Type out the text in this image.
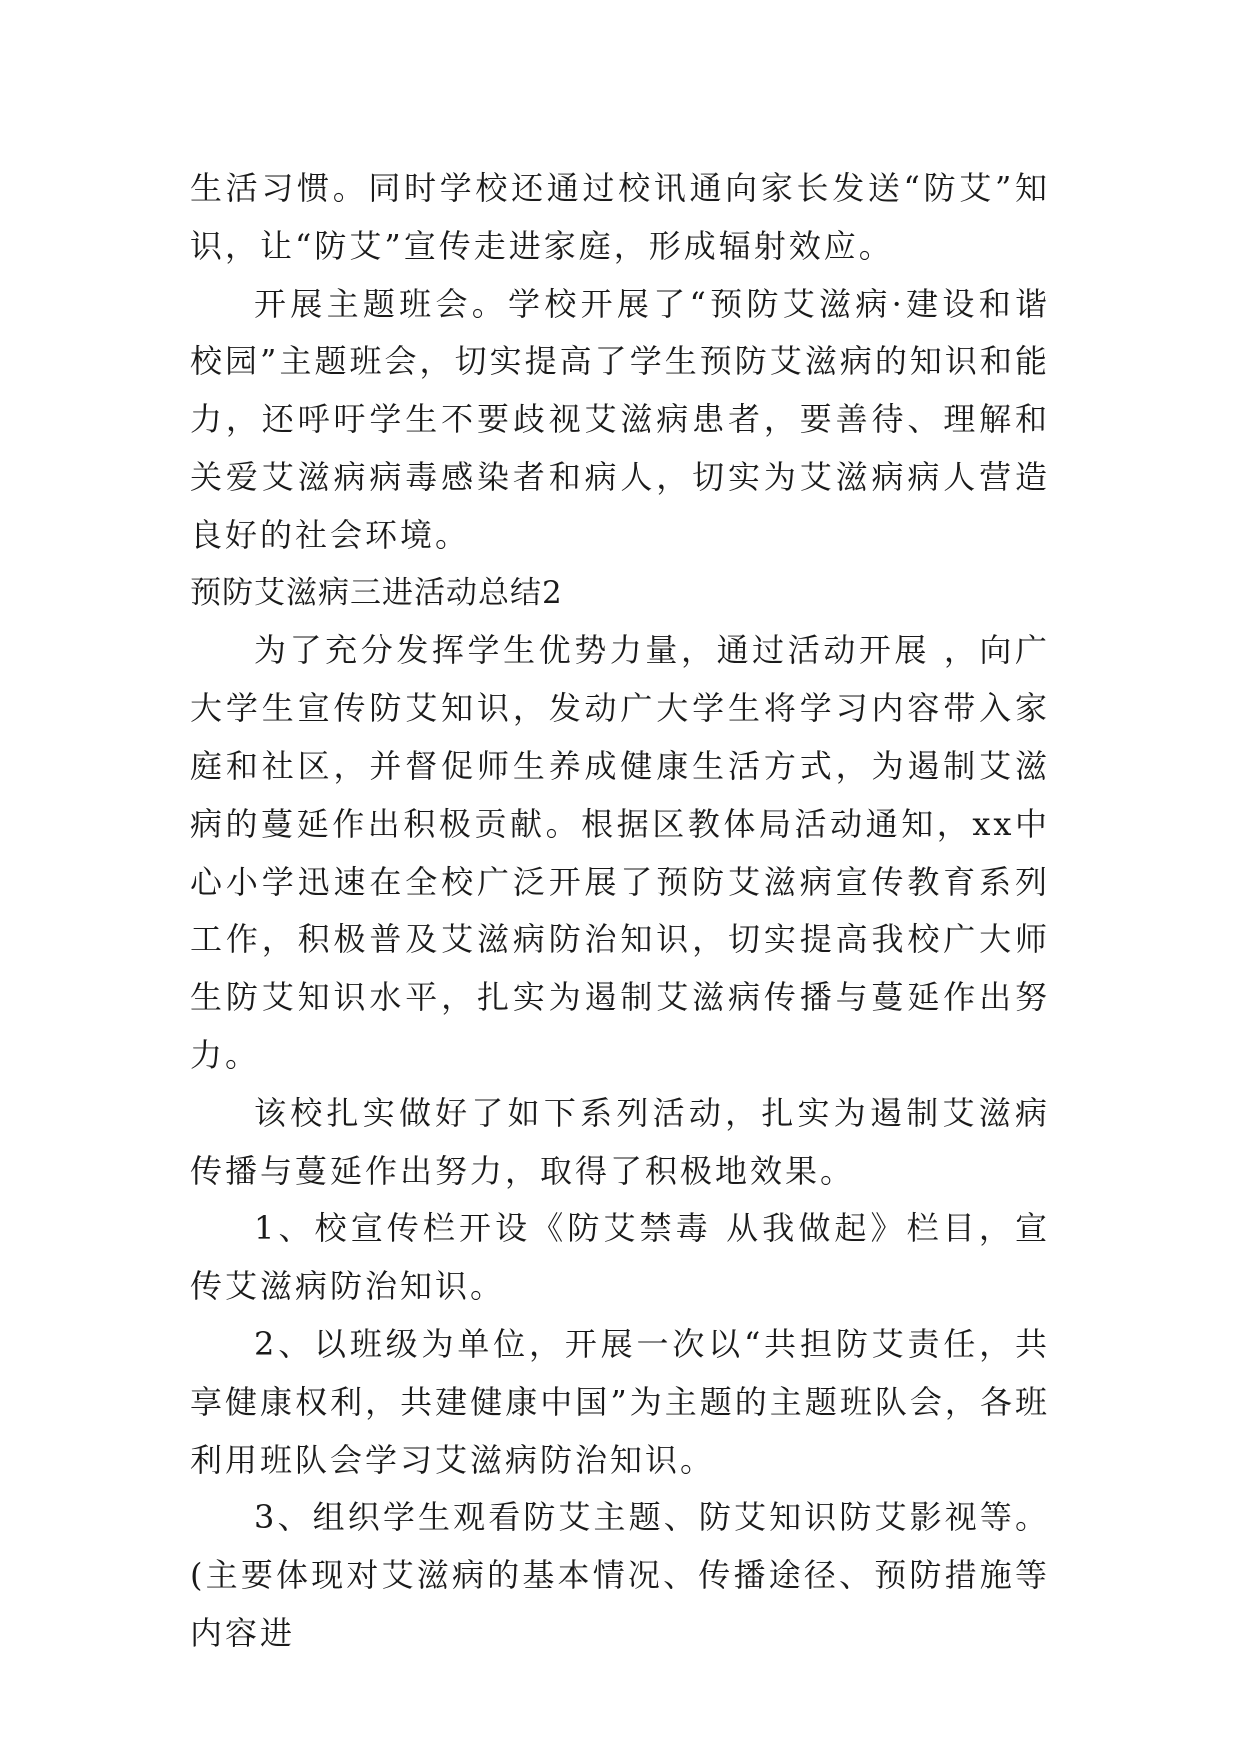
生活习惯。同时学校还通过校讯通向家长发送“防艾”知识，让“防艾”宣传走进家庭，形成辐射效应。

开展主题班会。学校开展了“预防艾滋病·建设和谐校园”主题班会，切实提高了学生预防艾滋病的知识和能力，还呼吁学生不要歧视艾滋病患者，要善待、理解和关爱艾滋病病毒感染者和病人，切实为艾滋病病人营造良好的社会环境。

预防艾滋病三进活动总结2

为了充分发挥学生优势力量，通过活动开展 ，向广大学生宣传防艾知识，发动广大学生将学习内容带入家庭和社区，并督促师生养成健康生活方式，为遏制艾滋病的蔓延作出积极贡献。根据区教体局活动通知，xx中心小学迅速在全校广泛开展了预防艾滋病宣传教育系列工作，积极普及艾滋病防治知识，切实提高我校广大师生防艾知识水平，扎实为遏制艾滋病传播与蔓延作出努力。

该校扎实做好了如下系列活动，扎实为遏制艾滋病传播与蔓延作出努力，取得了积极地效果。

1、校宣传栏开设《防艾禁毒 从我做起》栏目，宣传艾滋病防治知识。

2、以班级为单位，开展一次以“共担防艾责任，共享健康权利，共建健康中国”为主题的主题班队会，各班利用班队会学习艾滋病防治知识。

3、组织学生观看防艾主题、防艾知识防艾影视等。(主要体现对艾滋病的基本情况、传播途径、预防措施等内容进
